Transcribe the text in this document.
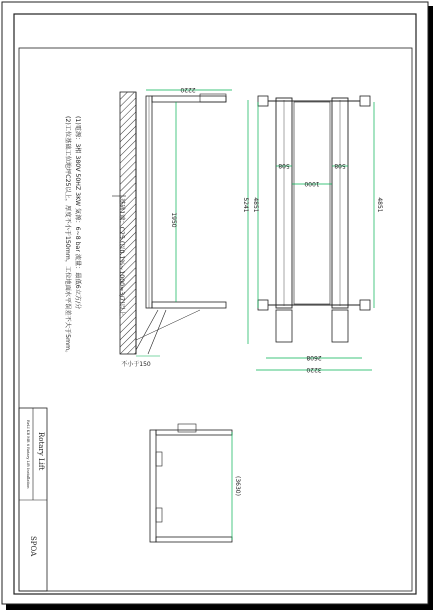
2220
1950
不小于150
基础1端：C25 (以0.1%~1000=3/7)以上
(1)電源：3相 380V 50HZ 3KW 気源：6~8 bar 流量：最低6立方/分
(2)工位基础工位地坪C25以上，厚度不小于150mm，工位地面水平误差不大于5mm。	5241 4851	4851
508	508
1000
2608
3220
(3630)
Rotary Lift
ReLI KB MB 6 Rotary Lift Installation
SPOA
